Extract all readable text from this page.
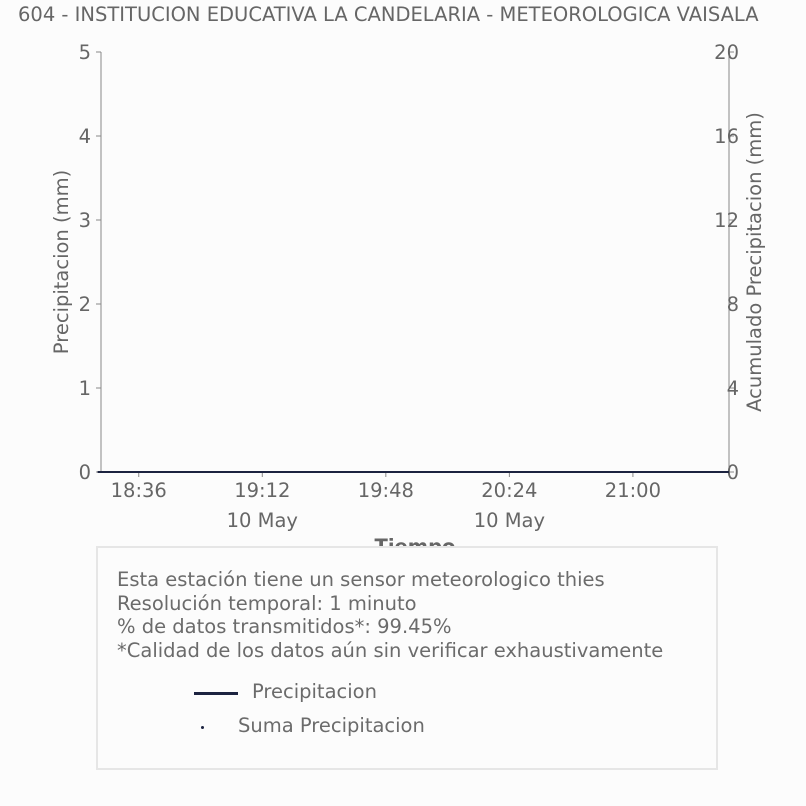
604 - INSTITUCION EDUCATIVA LA CANDELARIA - METEOROLOGICA VAISALA
0
1
2
3
4
5
0
4
8
12
16
20
18:36	19:12
10 May
19:48	20:24
10 May
21:00
Precipitacion (mm)	Acumulado Precipitacion (mm)
Esta estación tiene un sensor meteorologico thies
Resolución temporal: 1 minuto
% de datos transmitidos*: 99.45%
*Calidad de los datos aún sin verificar exhaustivamente
Precipitacion
Suma Precipitacion
